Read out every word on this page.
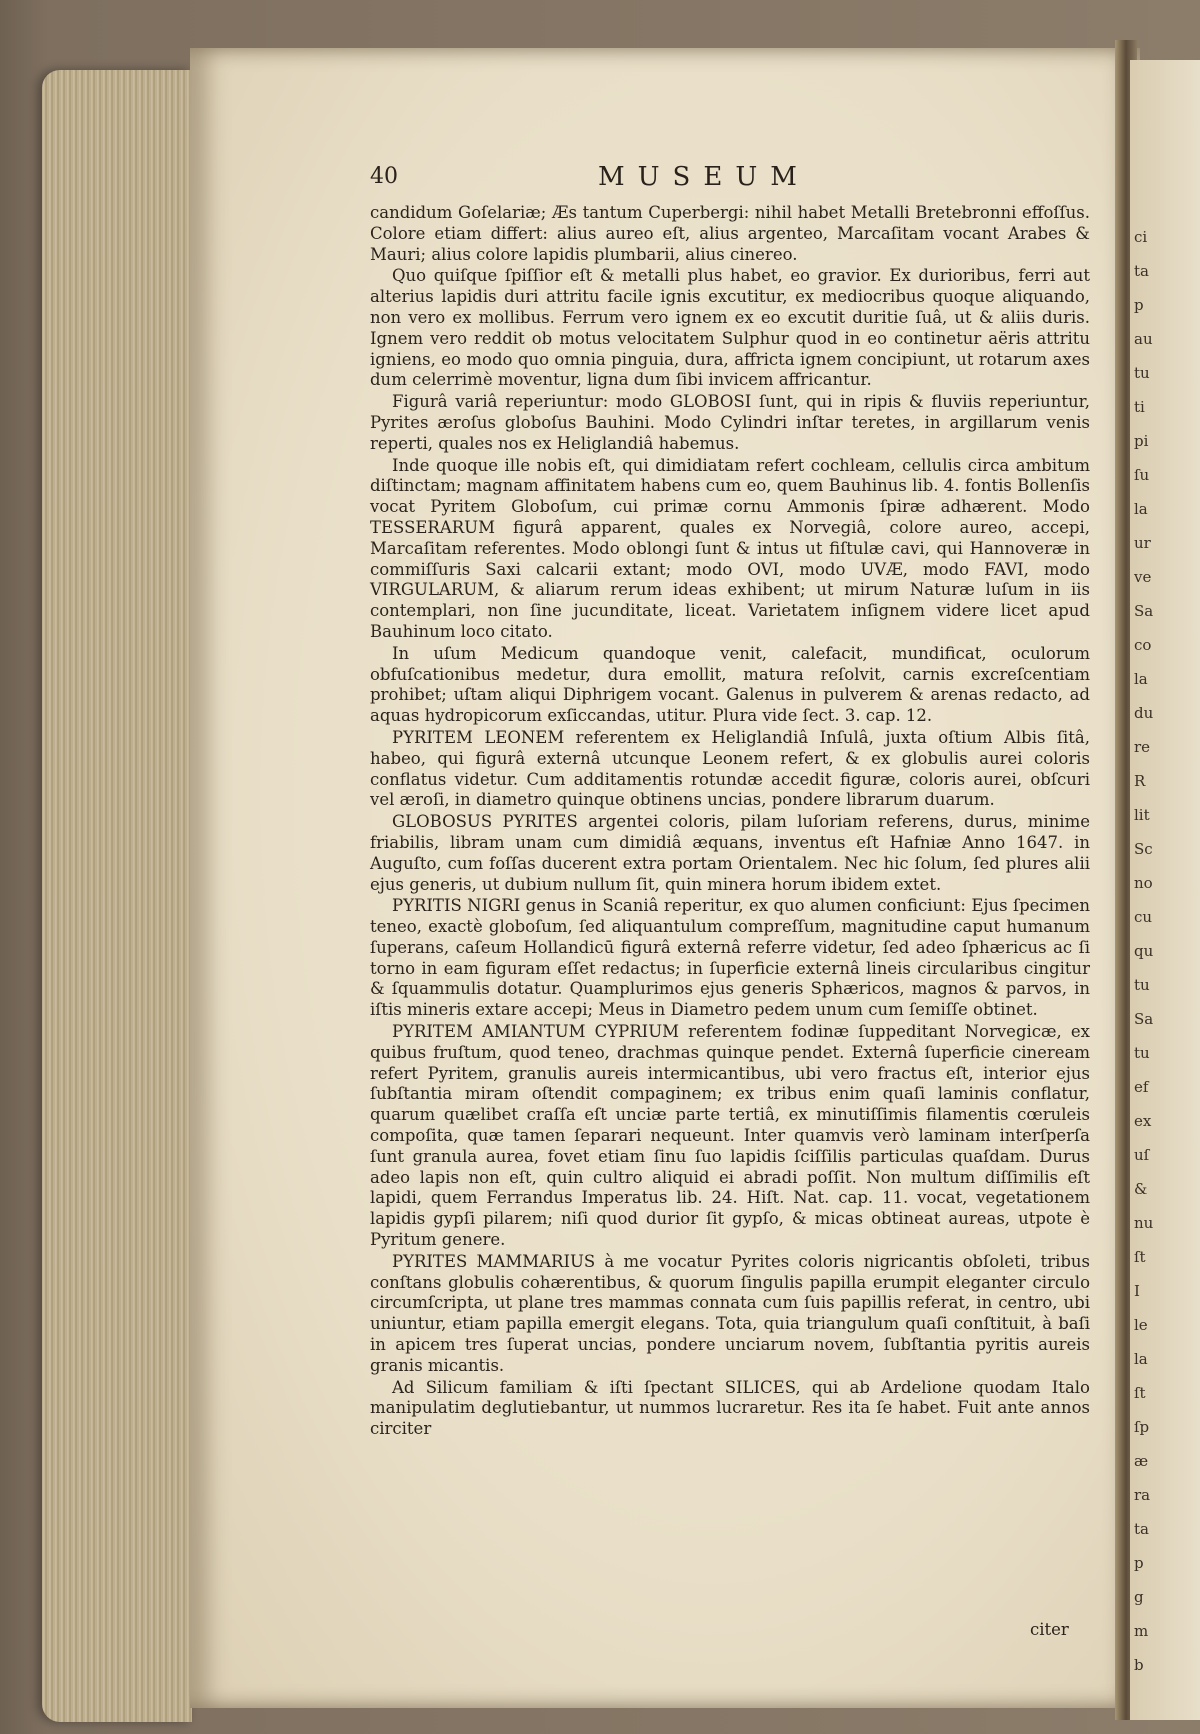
ci
ta
p
au
tu
ti
pi
ſu
la
ur
ve
Sa
co
la
du
re
R
lit
Sc
no
cu
qu
tu
Sa
tu
ef
ex
uſ
&
nu
ſt
I
le
la
ſt
ſp
æ
ra
ta
p
g
m
b
40	MUSEUM

candidum Goſelariæ; Æs tantum Cuperbergi: nihil habet Metalli Bretebronni effoſſus. Colore etiam differt: alius aureo eſt, alius argenteo, Marcaſitam vocant Arabes & Mauri; alius colore lapidis plumbarii, alius cinereo.

Quo quiſque ſpiſſior eſt & metalli plus habet, eo gravior. Ex durioribus, ferri aut alterius lapidis duri attritu facile ignis excutitur, ex mediocribus quoque aliquando, non vero ex mollibus. Ferrum vero ignem ex eo excutit duritie ſuâ, ut & aliis duris. Ignem vero reddit ob motus velocitatem Sulphur quod in eo continetur aëris attritu igniens, eo modo quo omnia pinguia, dura, affricta ignem concipiunt, ut rotarum axes dum celerrimè moventur, ligna dum ſibi invicem affricantur.

Figurâ variâ reperiuntur: modo GLOBOSI ſunt, qui in ripis & fluviis reperiuntur, Pyrites æroſus globoſus Bauhini. Modo Cylindri inſtar teretes, in argillarum venis reperti, quales nos ex Heliglandiâ habemus.

Inde quoque ille nobis eſt, qui dimidiatam refert cochleam, cellulis circa ambitum diſtinctam; magnam affinitatem habens cum eo, quem Bauhinus lib. 4. fontis Bollenſis vocat Pyritem Globoſum, cui primæ cornu Ammonis ſpiræ adhærent. Modo TESSERARUM figurâ apparent, quales ex Norvegiâ, colore aureo, accepi, Marcaſitam referentes. Modo oblongi ſunt & intus ut fiſtulæ cavi, qui Hannoveræ in commiſſuris Saxi calcarii extant; modo OVI, modo UVÆ, modo FAVI, modo VIRGULARUM, & aliarum rerum ideas exhibent; ut mirum Naturæ luſum in iis contemplari, non ſine jucunditate, liceat. Varietatem inſignem videre licet apud Bauhinum loco citato.

In uſum Medicum quandoque venit, calefacit, mundificat, oculorum obfuſcationibus medetur, dura emollit, matura reſolvit, carnis excreſcentiam prohibet; uſtam aliqui Diphrigem vocant. Galenus in pulverem & arenas redacto, ad aquas hydropicorum exſiccandas, utitur. Plura vide ſect. 3. cap. 12.

PYRITEM LEONEM referentem ex Heliglandiâ Inſulâ, juxta oſtium Albis ſitâ, habeo, qui figurâ externâ utcunque Leonem refert, & ex globulis aurei coloris conflatus videtur. Cum additamentis rotundæ accedit figuræ, coloris aurei, obſcuri vel æroſi, in diametro quinque obtinens uncias, pondere librarum duarum.

GLOBOSUS PYRITES argentei coloris, pilam luſoriam referens, durus, minime friabilis, libram unam cum dimidiâ æquans, inventus eſt Hafniæ Anno 1647. in Auguſto, cum foſſas ducerent extra portam Orientalem. Nec hic ſolum, ſed plures alii ejus generis, ut dubium nullum ſit, quin minera horum ibidem extet.

PYRITIS NIGRI genus in Scaniâ reperitur, ex quo alumen conficiunt: Ejus ſpecimen teneo, exactè globoſum, ſed aliquantulum compreſſum, magnitudine caput humanum ſuperans, caſeum Hollandicū figurâ externâ referre videtur, ſed adeo ſphæricus ac ſi torno in eam figuram eſſet redactus; in ſuperficie externâ lineis circularibus cingitur & ſquammulis dotatur. Quamplurimos ejus generis Sphæricos, magnos & parvos, in iſtis mineris extare accepi; Meus in Diametro pedem unum cum ſemiſſe obtinet.

PYRITEM AMIANTUM CYPRIUM referentem fodinæ ſuppeditant Norvegicæ, ex quibus fruſtum, quod teneo, drachmas quinque pendet. Externâ ſuperficie cineream refert Pyritem, granulis aureis intermicantibus, ubi vero fractus eſt, interior ejus ſubſtantia miram oſtendit compaginem; ex tribus enim quaſi laminis conflatur, quarum quælibet craſſa eſt unciæ parte tertiâ, ex minutiſſimis filamentis cœruleis compoſita, quæ tamen ſeparari nequeunt. Inter quamvis verò laminam interſperſa ſunt granula aurea, fovet etiam ſinu ſuo lapidis ſciſſilis particulas quaſdam. Durus adeo lapis non eſt, quin cultro aliquid ei abradi poſſit. Non multum diſſimilis eſt lapidi, quem Ferrandus Imperatus lib. 24. Hiſt. Nat. cap. 11. vocat, vegetationem lapidis gypſi pilarem; niſi quod durior ſit gypſo, & micas obtineat aureas, utpote è Pyritum genere.

PYRITES MAMMARIUS à me vocatur Pyrites coloris nigricantis obſoleti, tribus conſtans globulis cohærentibus, & quorum ſingulis papilla erumpit eleganter circulo circumſcripta, ut plane tres mammas connata cum ſuis papillis referat, in centro, ubi uniuntur, etiam papilla emergit elegans. Tota, quia triangulum quaſi conſtituit, à baſi in apicem tres ſuperat uncias, pondere unciarum novem, ſubſtantia pyritis aureis granis micantis.

Ad Silicum familiam & iſti ſpectant SILICES, qui ab Ardelione quodam Italo manipulatim deglutiebantur, ut nummos lucraretur. Res ita ſe habet. Fuit ante annos circiter

citer
